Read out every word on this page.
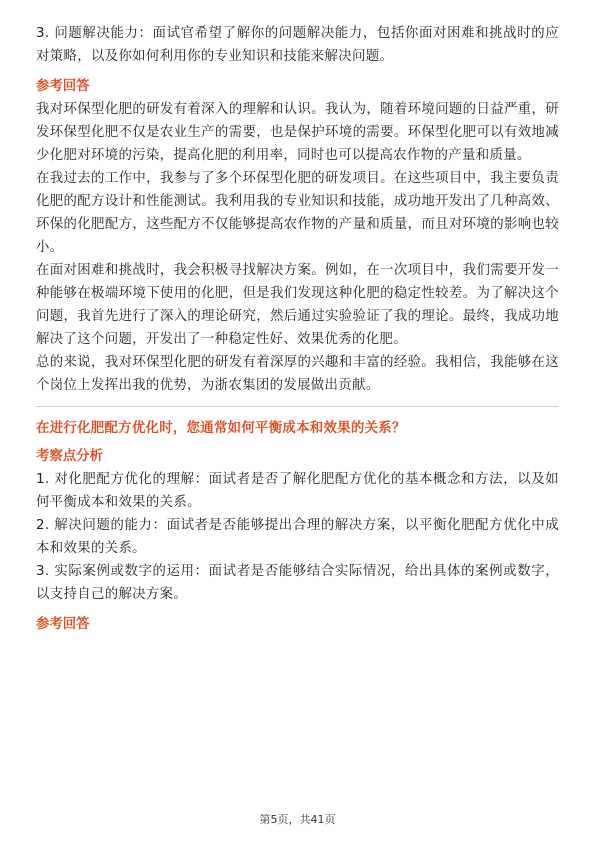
3. 问题解决能力：面试官希望了解你的问题解决能力，包括你面对困难和挑战时的应对策略，以及你如何利用你的专业知识和技能来解决问题。

参考回答

我对环保型化肥的研发有着深入的理解和认识。我认为，随着环境问题的日益严重，研发环保型化肥不仅是农业生产的需要，也是保护环境的需要。环保型化肥可以有效地减少化肥对环境的污染，提高化肥的利用率，同时也可以提高农作物的产量和质量。

在我过去的工作中，我参与了多个环保型化肥的研发项目。在这些项目中，我主要负责化肥的配方设计和性能测试。我利用我的专业知识和技能，成功地开发出了几种高效、环保的化肥配方，这些配方不仅能够提高农作物的产量和质量，而且对环境的影响也较小。

在面对困难和挑战时，我会积极寻找解决方案。例如，在一次项目中，我们需要开发一种能够在极端环境下使用的化肥，但是我们发现这种化肥的稳定性较差。为了解决这个问题，我首先进行了深入的理论研究，然后通过实验验证了我的理论。最终，我成功地解决了这个问题，开发出了一种稳定性好、效果优秀的化肥。

总的来说，我对环保型化肥的研发有着深厚的兴趣和丰富的经验。我相信，我能够在这个岗位上发挥出我的优势，为浙农集团的发展做出贡献。

在进行化肥配方优化时，您通常如何平衡成本和效果的关系？
考察点分析

1. 对化肥配方优化的理解：面试者是否了解化肥配方优化的基本概念和方法，以及如何平衡成本和效果的关系。

2. 解决问题的能力：面试者是否能够提出合理的解决方案，以平衡化肥配方优化中成本和效果的关系。

3. 实际案例或数字的运用：面试者是否能够结合实际情况，给出具体的案例或数字，以支持自己的解决方案。

参考回答
第5页，共41页
